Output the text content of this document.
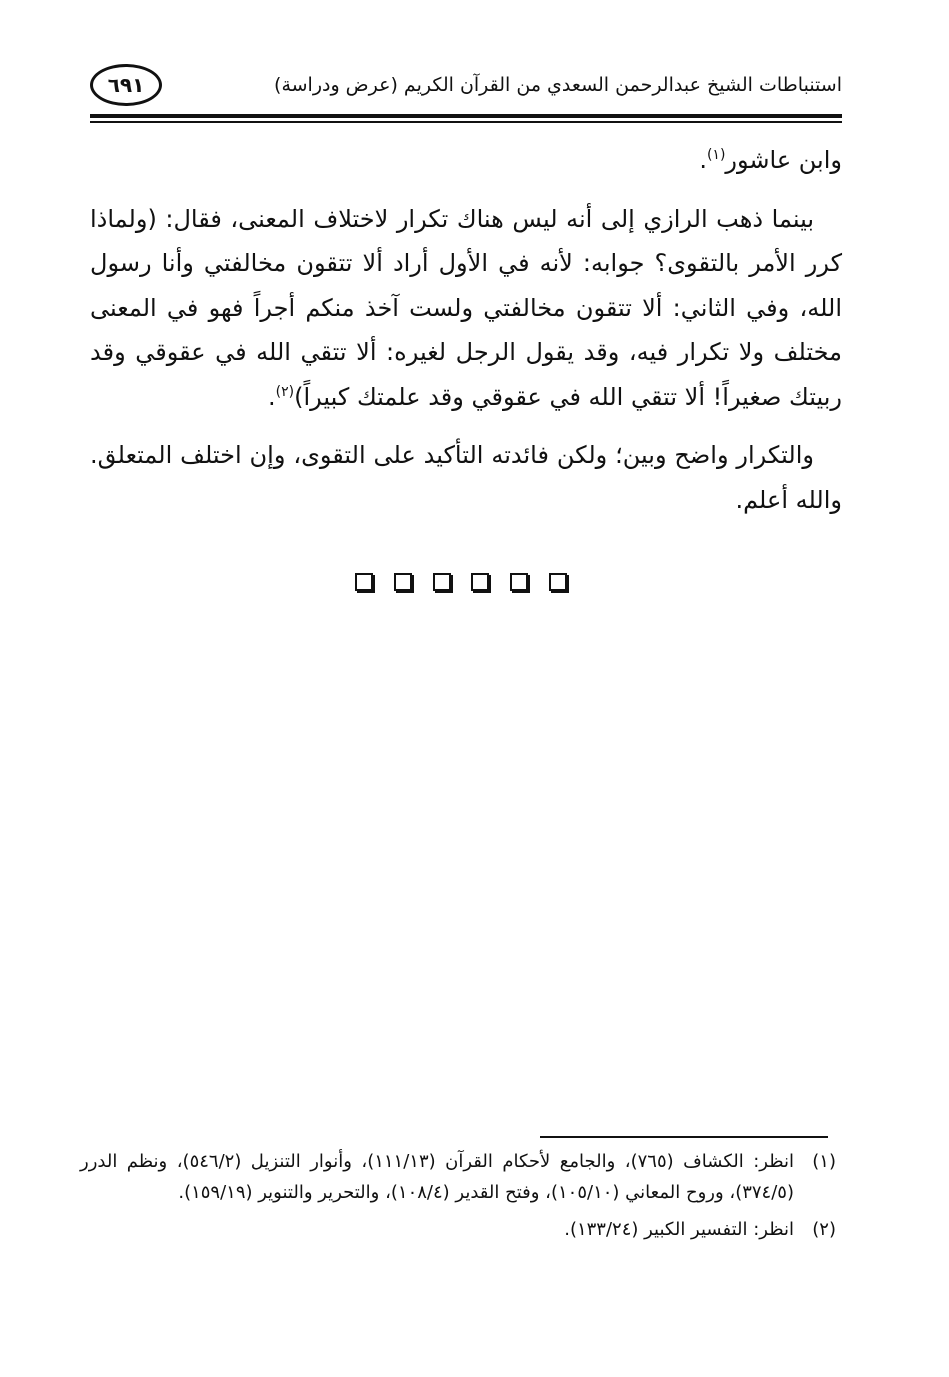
٦٩١	استنباطات الشيخ عبدالرحمن السعدي من القرآن الكريم (عرض ودراسة)

وابن عاشور$^{(١)}$.

بينما ذهب الرازي إلى أنه ليس هناك تكرار لاختلاف المعنى، فقال: (ولماذا كرر الأمر بالتقوى؟ جوابه: لأنه في الأول أراد ألا تتقون مخالفتي وأنا رسول الله، وفي الثاني: ألا تتقون مخالفتي ولست آخذ منكم أجراً فهو في المعنى مختلف ولا تكرار فيه، وقد يقول الرجل لغيره: ألا تتقي الله في عقوقي وقد ربيتك صغيراً! ألا تتقي الله في عقوقي وقد علمتك كبيراً)$^{(٢)}$.

والتكرار واضح وبين؛ ولكن فائدته التأكيد على التقوى، وإن اختلف المتعلق. والله أعلم.

(١)
انظر: الكشاف (٧٦٥)، والجامع لأحكام القرآن (١١١/١٣)، وأنوار التنزيل (٥٤٦/٢)، ونظم الدرر (٣٧٤/٥)، وروح المعاني (١٠٥/١٠)، وفتح القدير (١٠٨/٤)، والتحرير والتنوير (١٥٩/١٩).

(٢)
انظر: التفسير الكبير (١٣٣/٢٤).
